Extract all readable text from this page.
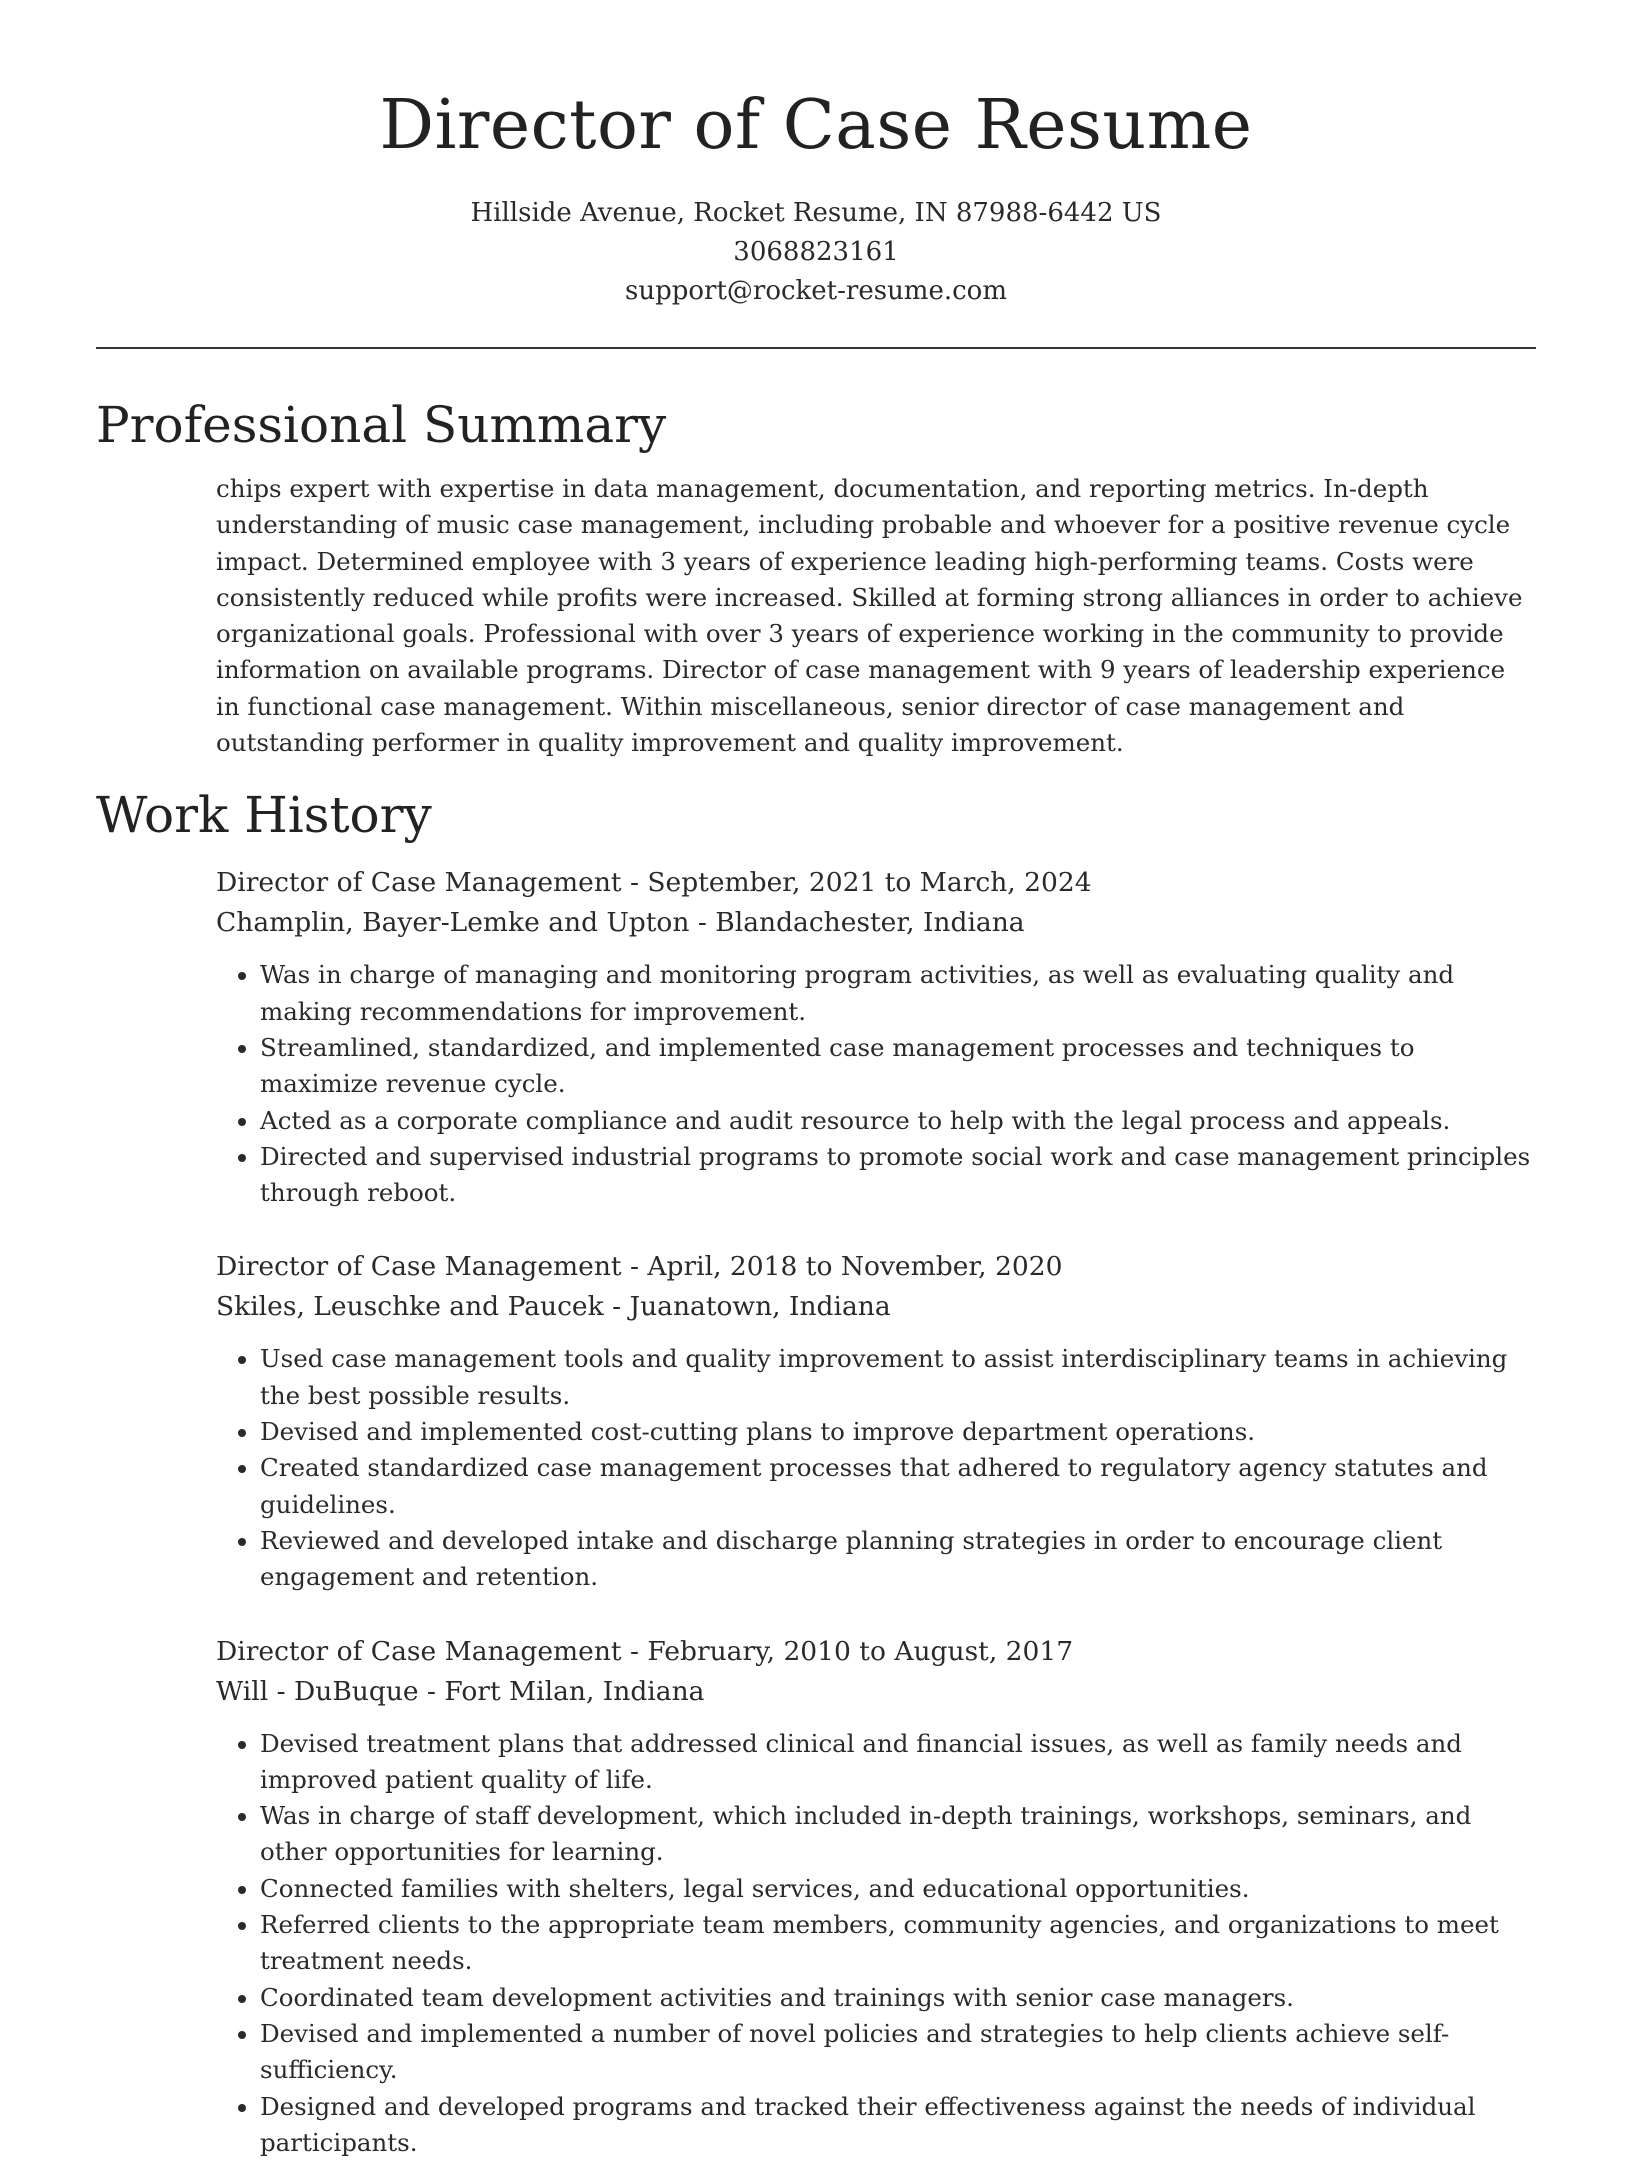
Director of Case Resume
Hillside Avenue, Rocket Resume, IN 87988-6442 US
3068823161
support@rocket-resume.com
Professional Summary
chips expert with expertise in data management, documentation, and reporting metrics. In-depth understanding of music case management, including probable and whoever for a positive revenue cycle impact. Determined employee with 3 years of experience leading high-performing teams. Costs were consistently reduced while profits were increased. Skilled at forming strong alliances in order to achieve organizational goals. Professional with over 3 years of experience working in the community to provide information on available programs. Director of case management with 9 years of leadership experience in functional case management. Within miscellaneous, senior director of case management and outstanding performer in quality improvement and quality improvement.
Work History
Director of Case Management - September, 2021 to March, 2024
Champlin, Bayer-Lemke and Upton - Blandachester, Indiana
• Was in charge of managing and monitoring program activities, as well as evaluating quality and making recommendations for improvement.
• Streamlined, standardized, and implemented case management processes and techniques to maximize revenue cycle.
• Acted as a corporate compliance and audit resource to help with the legal process and appeals.
• Directed and supervised industrial programs to promote social work and case management principles through reboot.
Director of Case Management - April, 2018 to November, 2020
Skiles, Leuschke and Paucek - Juanatown, Indiana
• Used case management tools and quality improvement to assist interdisciplinary teams in achieving the best possible results.
• Devised and implemented cost-cutting plans to improve department operations.
• Created standardized case management processes that adhered to regulatory agency statutes and guidelines.
• Reviewed and developed intake and discharge planning strategies in order to encourage client engagement and retention.
Director of Case Management - February, 2010 to August, 2017
Will - DuBuque - Fort Milan, Indiana
• Devised treatment plans that addressed clinical and financial issues, as well as family needs and improved patient quality of life.
• Was in charge of staff development, which included in-depth trainings, workshops, seminars, and other opportunities for learning.
• Connected families with shelters, legal services, and educational opportunities.
• Referred clients to the appropriate team members, community agencies, and organizations to meet treatment needs.
• Coordinated team development activities and trainings with senior case managers.
• Devised and implemented a number of novel policies and strategies to help clients achieve self-sufficiency.
• Designed and developed programs and tracked their effectiveness against the needs of individual participants.
